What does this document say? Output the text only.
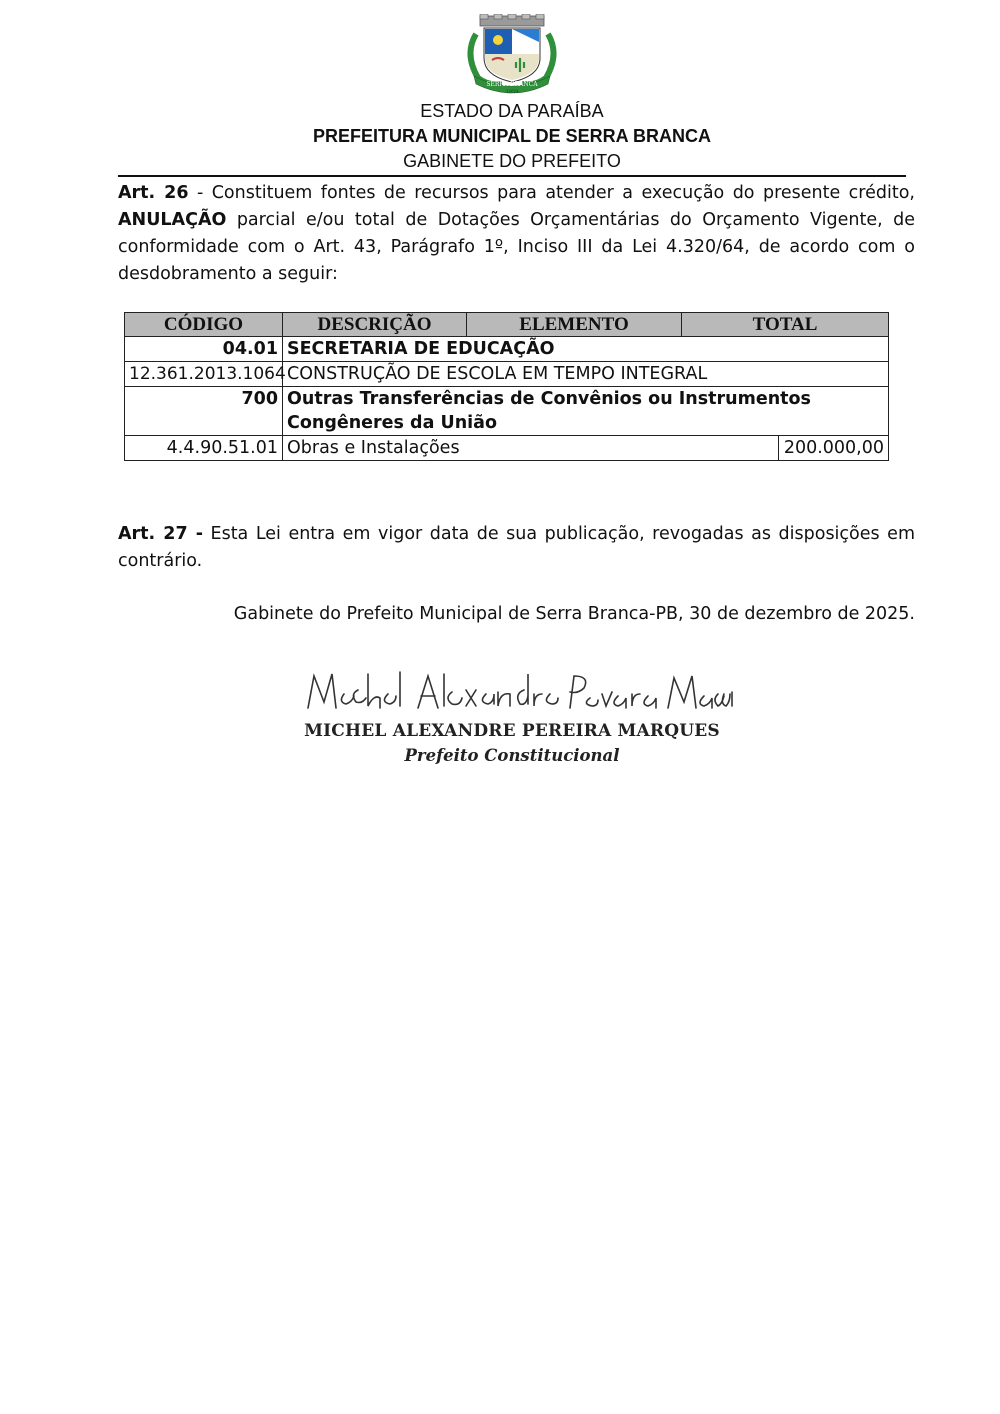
SERRA BRANCA
1959
ESTADO DA PARAÍBA
PREFEITURA MUNICIPAL DE SERRA BRANCA
GABINETE DO PREFEITO
Art. 26 - Constituem fontes de recursos para atender a execução do presente crédito, ANULAÇÃO parcial e/ou total de Dotações Orçamentárias do Orçamento Vigente, de conformidade com o Art. 43, Parágrafo 1º, Inciso III da Lei 4.320/64, de acordo com o desdobramento a seguir:
CÓDIGO	DESCRIÇÃO	ELEMENTO	TOTAL	
04.01	SECRETARIA DE EDUCAÇÃO			
12.361.2013.1064	CONSTRUÇÃO DE ESCOLA EM TEMPO INTEGRAL			
700	Outras Transferências de Convênios ou Instrumentos Congêneres da União			
4.4.90.51.01	Obras e Instalações			200.000,00
Art. 27 - Esta Lei entra em vigor data de sua publicação, revogadas as disposições em contrário.
Gabinete do Prefeito Municipal de Serra Branca-PB, 30 de dezembro de 2025.
MICHEL ALEXANDRE PEREIRA MARQUES
Prefeito Constitucional
